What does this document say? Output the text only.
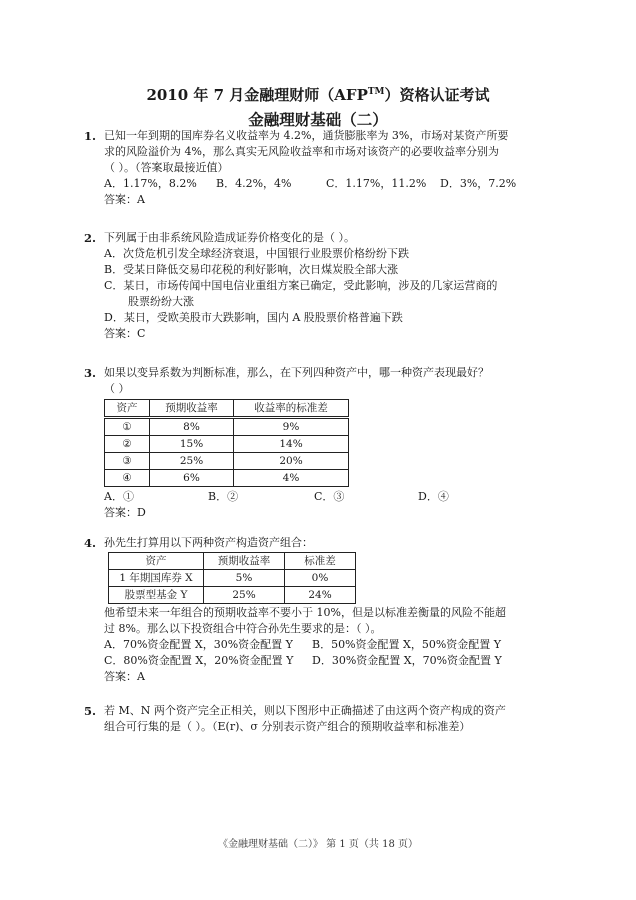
2010 年 7 月金融理财师（AFP™）资格认证考试
金融理财基础（二）
1. 已知一年到期的国库券名义收益率为 4.2%，通货膨胀率为 3%，市场对某资产所要
求的风险溢价为 4%，那么真实无风险收益率和市场对该资产的必要收益率分别为
（ ）。（答案取最接近值）
A．1.17%，8.2%	B．4.2%，4%	C．1.17%，11.2%	D．3%，7.2%
答案：A
2. 下列属于由非系统风险造成证券价格变化的是（ ）。
A．次贷危机引发全球经济衰退，中国银行业股票价格纷纷下跌
B．受某日降低交易印花税的利好影响，次日煤炭股全部大涨
C．某日，市场传闻中国电信业重组方案已确定，受此影响，涉及的几家运营商的
股票纷纷大涨
D．某日，受欧美股市大跌影响，国内 A 股股票价格普遍下跌
答案：C
3. 如果以变异系数为判断标准，那么，在下列四种资产中，哪一种资产表现最好？
（ ）
资产	预期收益率	收益率的标准差
①	8%	9%
②	15%	14%
③	25%	20%
④	6%	4%
A．①	B．②	C．③	D．④
答案：D
4. 孙先生打算用以下两种资产构造资产组合：
资产	预期收益率	标准差
1 年期国库券 X	5%	0%
股票型基金 Y	25%	24%
他希望未来一年组合的预期收益率不要小于 10%，但是以标准差衡量的风险不能超
过 8%。那么以下投资组合中符合孙先生要求的是：（ ）。
A．70%资金配置 X，30%资金配置 Y	B．50%资金配置 X，50%资金配置 Y
C．80%资金配置 X，20%资金配置 Y	D．30%资金配置 X，70%资金配置 Y
答案：A
5. 若 M、N 两个资产完全正相关，则以下图形中正确描述了由这两个资产构成的资产
组合可行集的是（ ）。（E(r)、σ 分别表示资产组合的预期收益率和标准差）
《金融理财基础（二）》 第 1 页（共 18 页）
